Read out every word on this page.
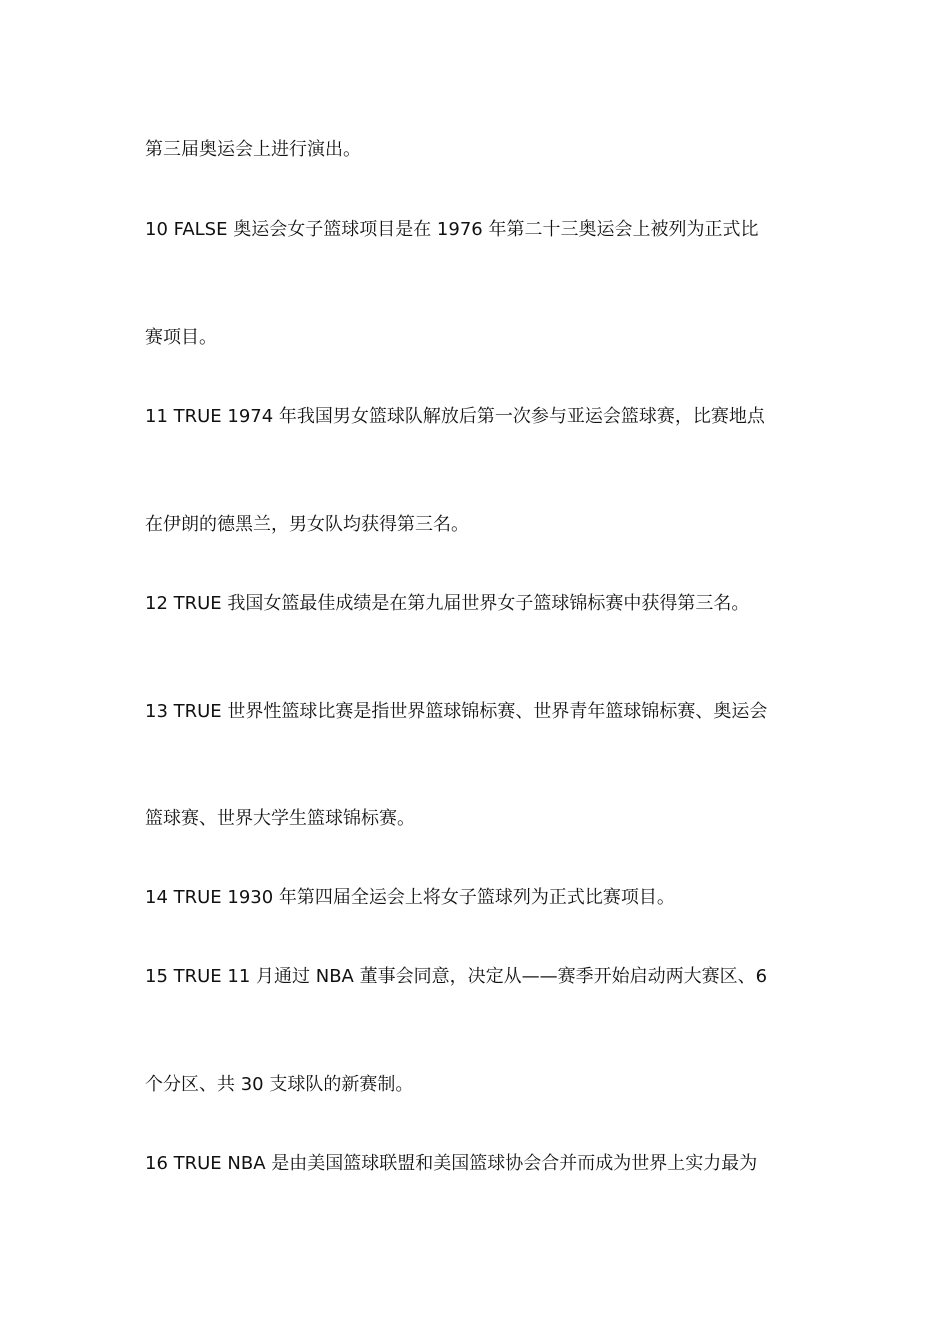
第三届奥运会上进行演出。
10 FALSE 奥运会女子篮球项目是在 1976 年第二十三奥运会上被列为正式比
赛项目。
11 TRUE 1974 年我国男女篮球队解放后第一次参与亚运会篮球赛，比赛地点
在伊朗的德黑兰，男女队均获得第三名。
12 TRUE 我国女篮最佳成绩是在第九届世界女子篮球锦标赛中获得第三名。
13 TRUE 世界性篮球比赛是指世界篮球锦标赛、世界青年篮球锦标赛、奥运会
篮球赛、世界大学生篮球锦标赛。
14 TRUE 1930 年第四届全运会上将女子篮球列为正式比赛项目。
15 TRUE 11 月通过 NBA 董事会同意，决定从——赛季开始启动两大赛区、6
个分区、共 30 支球队的新赛制。
16 TRUE NBA 是由美国篮球联盟和美国篮球协会合并而成为世界上实力最为
